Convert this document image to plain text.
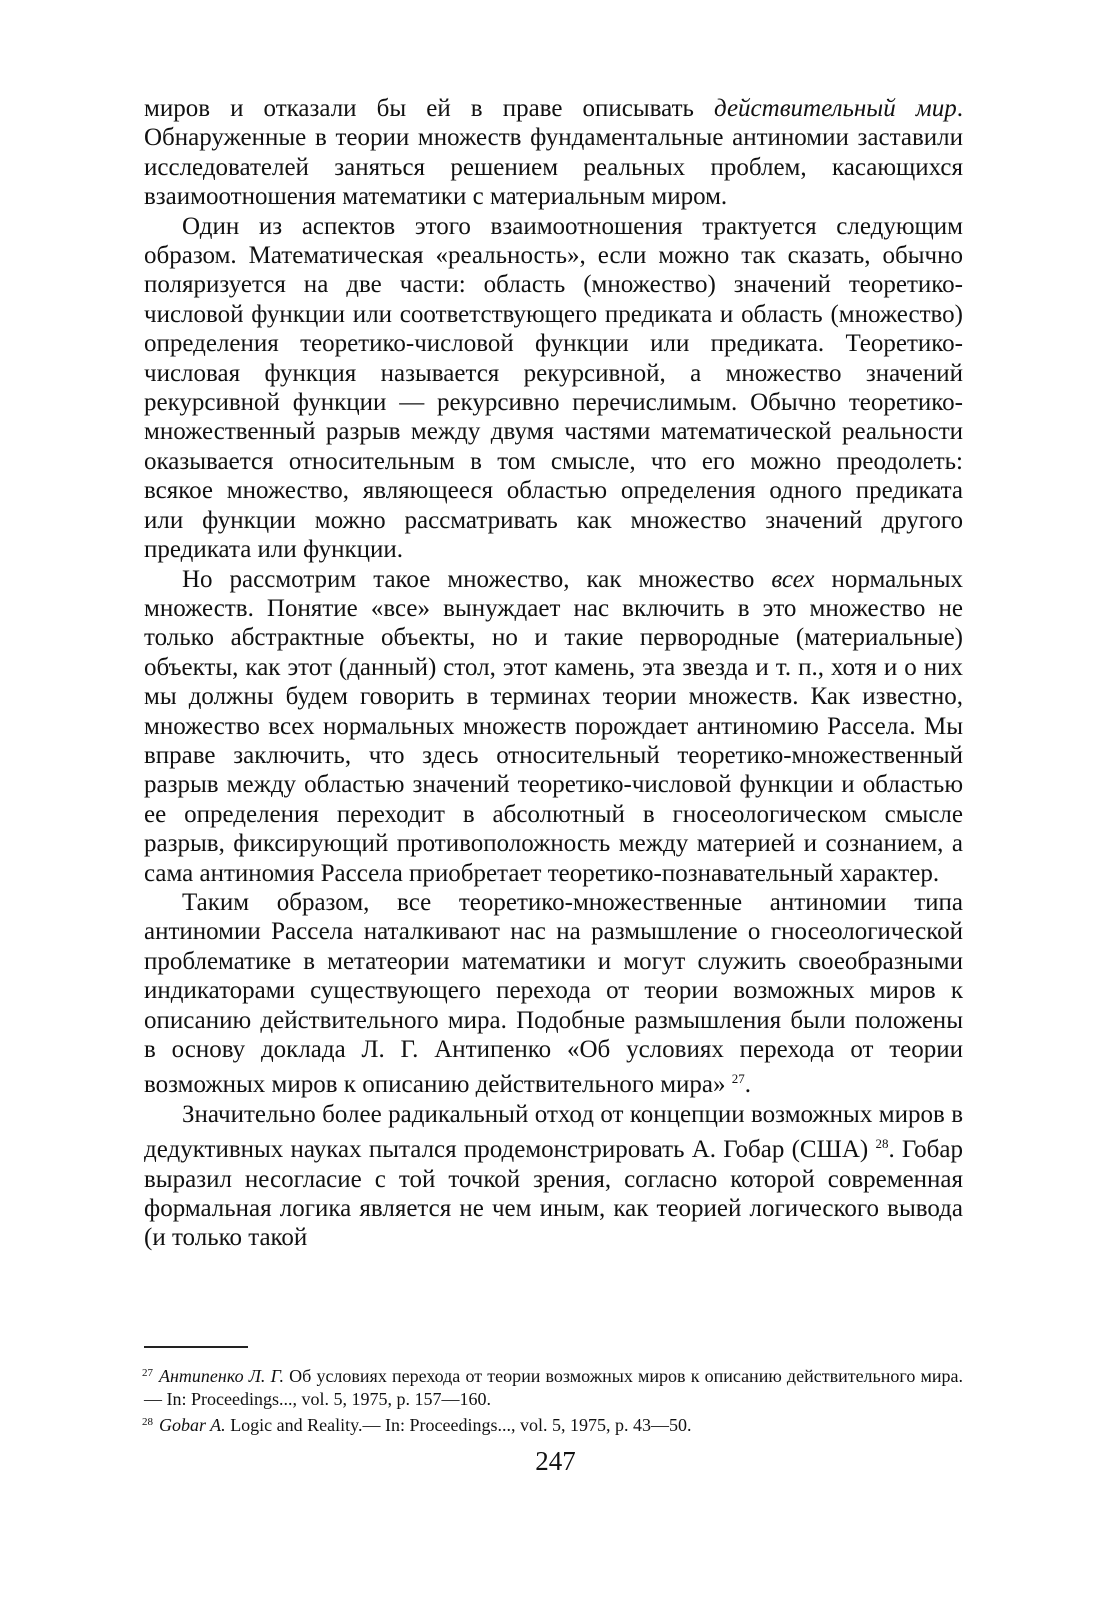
миров и отказали бы ей в праве описывать действительный мир. Обнаруженные в теории множеств фундаментальные антиномии заставили исследователей заняться решением реальных проблем, касающихся взаимоотношения математики с материальным миром.

Один из аспектов этого взаимоотношения трактуется следующим образом. Математическая «реальность», если можно так сказать, обычно поляризуется на две части: область (множество) значений теоретико-числовой функции или соответствующего предиката и область (множество) определения теоретико-числовой функции или предиката. Теоретико-числовая функция называется рекурсивной, а множество значений рекурсивной функции — рекурсивно перечислимым. Обычно теоретико-множественный разрыв между двумя частями математической реальности оказывается относительным в том смысле, что его можно преодолеть: всякое множество, являющееся областью определения одного предиката или функции можно рассматривать как множество значений другого предиката или функции.

Но рассмотрим такое множество, как множество всех нормальных множеств. Понятие «все» вынуждает нас включить в это множество не только абстрактные объекты, но и такие первородные (материальные) объекты, как этот (данный) стол, этот камень, эта звезда и т. п., хотя и о них мы должны будем говорить в терминах теории множеств. Как известно, множество всех нормальных множеств порождает антиномию Рассела. Мы вправе заключить, что здесь относительный теоретико-множественный разрыв между областью значений теоретико-числовой функции и областью ее определения переходит в абсолютный в гносеологическом смысле разрыв, фиксирующий противоположность между материей и сознанием, а сама антиномия Рассела приобретает теоретико-познавательный характер.

Таким образом, все теоретико-множественные антиномии типа антиномии Рассела наталкивают нас на размышление о гносеологической проблематике в метатеории математики и могут служить своеобразными индикаторами существующего перехода от теории возможных миров к описанию действительного мира. Подобные размышления были положены в основу доклада Л. Г. Антипенко «Об условиях перехода от теории возможных миров к описанию действительного мира» $^{27}$.

Значительно более радикальный отход от концепции возможных миров в дедуктивных науках пытался продемонстрировать А. Гобар (США) $^{28}$. Гобар выразил несогласие с той точкой зрения, согласно которой современная формальная логика является не чем иным, как теорией логического вывода (и только такой

$^{27}$ Антипенко Л. Г. Об условиях перехода от теории возможных миров к описанию действительного мира.— In: Proceedings..., vol. 5, 1975, p. 157—160.

$^{28}$ Gobar A. Logic and Reality.— In: Proceedings..., vol. 5, 1975, p. 43—50.

247
